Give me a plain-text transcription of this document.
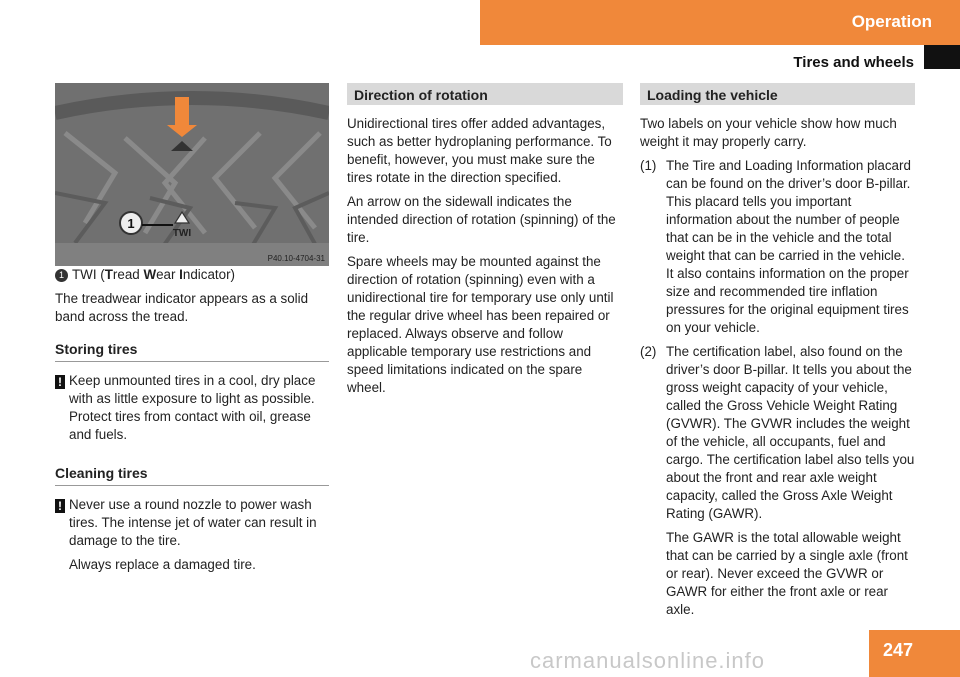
Operation
Tires and wheels
1
TWI
P40.10-4704-31

1 TWI (Tread Wear Indicator)

The treadwear indicator appears as a solid band across the tread.

Storing tires

! Keep unmounted tires in a cool, dry place with as little exposure to light as possible. Protect tires from contact with oil, grease and fuels.

Cleaning tires

! Never use a round nozzle to power wash tires. The intense jet of water can result in damage to the tire.

Always replace a damaged tire.

Direction of rotation

Unidirectional tires offer added advantages, such as better hydroplaning performance. To benefit, however, you must make sure the tires rotate in the direction specified.

An arrow on the sidewall indicates the intended direction of rotation (spinning) of the tire.

Spare wheels may be mounted against the direction of rotation (spinning) even with a unidirectional tire for temporary use only until the regular drive wheel has been repaired or replaced. Always observe and follow applicable temporary use restrictions and speed limitations indicated on the spare wheel.

Loading the vehicle

Two labels on your vehicle show how much weight it may properly carry.

(1) The Tire and Loading Information placard can be found on the driver’s door B-pillar. This placard tells you important information about the number of people that can be in the vehicle and the total weight that can be carried in the vehicle. It also contains information on the proper size and recommended tire inflation pressures for the original equipment tires on your vehicle.
(2) The certification label, also found on the driver’s door B-pillar. It tells you about the gross weight capacity of your vehicle, called the Gross Vehicle Weight Rating (GVWR). The GVWR includes the weight of the vehicle, all occupants, fuel and cargo. The certification label also tells you about the front and rear axle weight capacity, called the Gross Axle Weight Rating (GAWR).
The GAWR is the total allowable weight that can be carried by a single axle (front or rear). Never exceed the GVWR or GAWR for either the front axle or rear axle.
247
carmanualsonline.info
